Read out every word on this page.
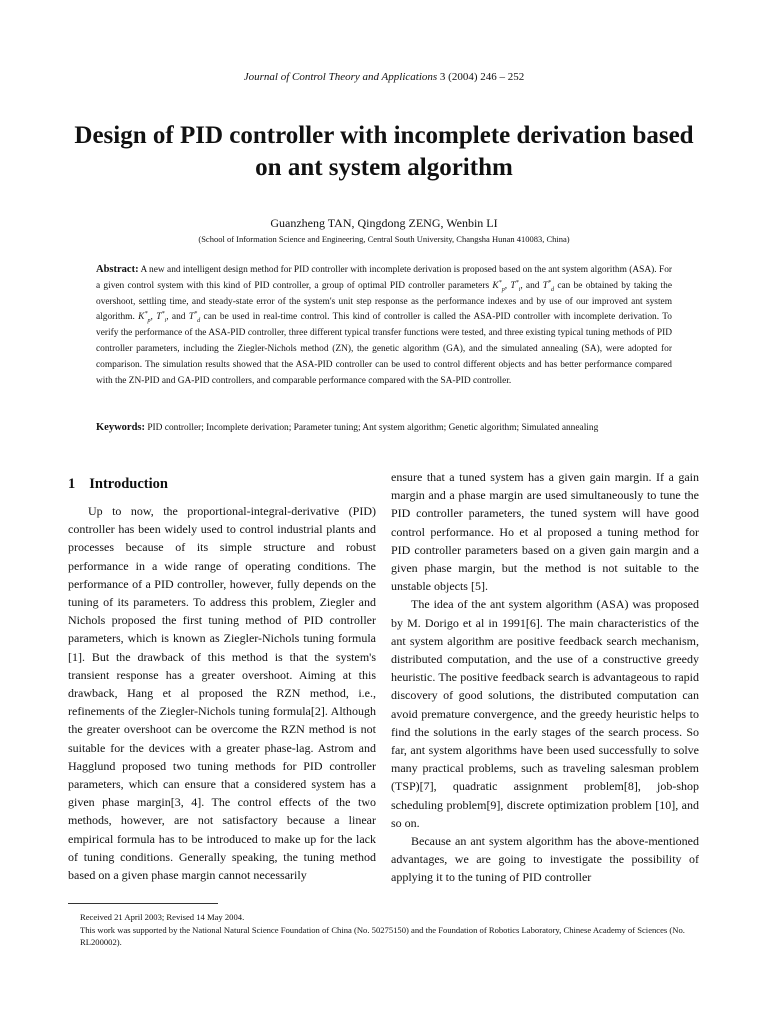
Journal of Control Theory and Applications 3 (2004) 246 – 252
Design of PID controller with incomplete derivation based on ant system algorithm
Guanzheng TAN, Qingdong ZENG, Wenbin LI
(School of Information Science and Engineering, Central South University, Changsha Hunan 410083, China)

Abstract: A new and intelligent design method for PID controller with incomplete derivation is proposed based on the ant system algorithm (ASA). For a given control system with this kind of PID controller, a group of optimal PID controller parameters $K^*_p$, $T^*_i$, and $T^*_d$ can be obtained by taking the overshoot, settling time, and steady-state error of the system's unit step response as the performance indexes and by use of our improved ant system algorithm. $K^*_p$, $T^*_i$, and $T^*_d$ can be used in real-time control. This kind of controller is called the ASA-PID controller with incomplete derivation. To verify the performance of the ASA-PID controller, three different typical transfer functions were tested, and three existing typical tuning methods of PID controller parameters, including the Ziegler-Nichols method (ZN), the genetic algorithm (GA), and the simulated annealing (SA), were adopted for comparison. The simulation results showed that the ASA-PID controller can be used to control different objects and has better performance compared with the ZN-PID and GA-PID controllers, and comparable performance compared with the SA-PID controller.

Keywords: PID controller; Incomplete derivation; Parameter tuning; Ant system algorithm; Genetic algorithm; Simulated annealing

1 Introduction

Up to now, the proportional-integral-derivative (PID) controller has been widely used to control industrial plants and processes because of its simple structure and robust performance in a wide range of operating conditions. The performance of a PID controller, however, fully depends on the tuning of its parameters. To address this problem, Ziegler and Nichols proposed the first tuning method of PID controller parameters, which is known as Ziegler-Nichols tuning formula [1]. But the drawback of this method is that the system's transient response has a greater overshoot. Aiming at this drawback, Hang et al proposed the RZN method, i.e., refinements of the Ziegler-Nichols tuning formula[2]. Although the greater overshoot can be overcome the RZN method is not suitable for the devices with a greater phase-lag. Astrom and Hagglund proposed two tuning methods for PID controller parameters, which can ensure that a considered system has a given phase margin[3, 4]. The control effects of the two methods, however, are not satisfactory because a linear empirical formula has to be introduced to make up for the lack of tuning conditions. Generally speaking, the tuning method based on a given phase margin cannot necessarily

ensure that a tuned system has a given gain margin. If a gain margin and a phase margin are used simultaneously to tune the PID controller parameters, the tuned system will have good control performance. Ho et al proposed a tuning method for PID controller parameters based on a given gain margin and a given phase margin, but the method is not suitable to the unstable objects [5].

The idea of the ant system algorithm (ASA) was proposed by M. Dorigo et al in 1991[6]. The main characteristics of the ant system algorithm are positive feedback search mechanism, distributed computation, and the use of a constructive greedy heuristic. The positive feedback search is advantageous to rapid discovery of good solutions, the distributed computation can avoid premature convergence, and the greedy heuristic helps to find the solutions in the early stages of the search process. So far, ant system algorithms have been used successfully to solve many practical problems, such as traveling salesman problem (TSP)[7], quadratic assignment problem[8], job-shop scheduling problem[9], discrete optimization problem [10], and so on.

Because an ant system algorithm has the above-mentioned advantages, we are going to investigate the possibility of applying it to the tuning of PID controller

Received 21 April 2003; Revised 14 May 2004.

This work was supported by the National Natural Science Foundation of China (No. 50275150) and the Foundation of Robotics Laboratory, Chinese Academy of Sciences (No. RL200002).
